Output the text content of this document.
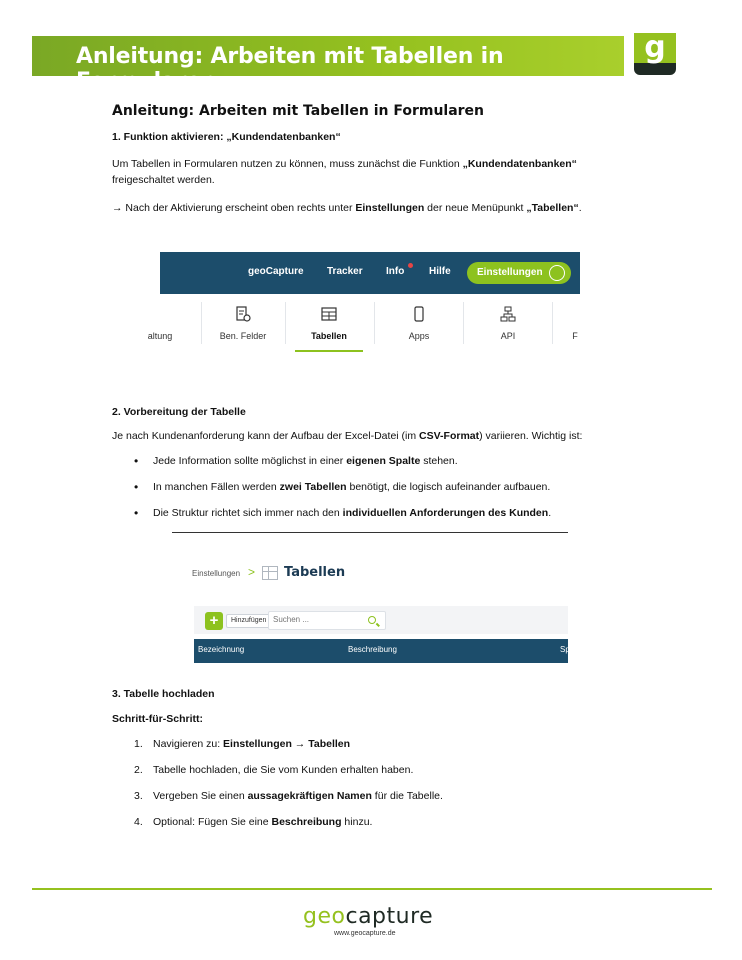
Anleitung: Arbeiten mit Tabellen in Formularen
g
Anleitung: Arbeiten mit Tabellen in Formularen
1. Funktion aktivieren: „Kundendatenbanken“
Um Tabellen in Formularen nutzen zu können, muss zunächst die Funktion „Kundendatenbanken“
freigeschaltet werden.
→ Nach der Aktivierung erscheint oben rechts unter Einstellungen der neue Menüpunkt „Tabellen“.
geoCapture Tracker Info Hilfe	Einstellungen
altung	Ben. Felder	Tabellen	Apps	API	F
2. Vorbereitung der Tabelle
Je nach Kundenanforderung kann der Aufbau der Excel-Datei (im CSV-Format) variieren. Wichtig ist:
• Jede Information sollte möglichst in einer eigenen Spalte stehen.
• In manchen Fällen werden zwei Tabellen benötigt, die logisch aufeinander aufbauen.
• Die Struktur richtet sich immer nach den individuellen Anforderungen des Kunden.
Einstellungen > Tabellen
+	Hinzufügen
Suchen ...
Bezeichnung	Beschreibung	Sp
3. Tabelle hochladen
Schritt-für-Schritt:
1. Navigieren zu: Einstellungen → Tabellen
2. Tabelle hochladen, die Sie vom Kunden erhalten haben.
3. Vergeben Sie einen aussagekräftigen Namen für die Tabelle.
4. Optional: Fügen Sie eine Beschreibung hinzu.
geocapture
www.geocapture.de
